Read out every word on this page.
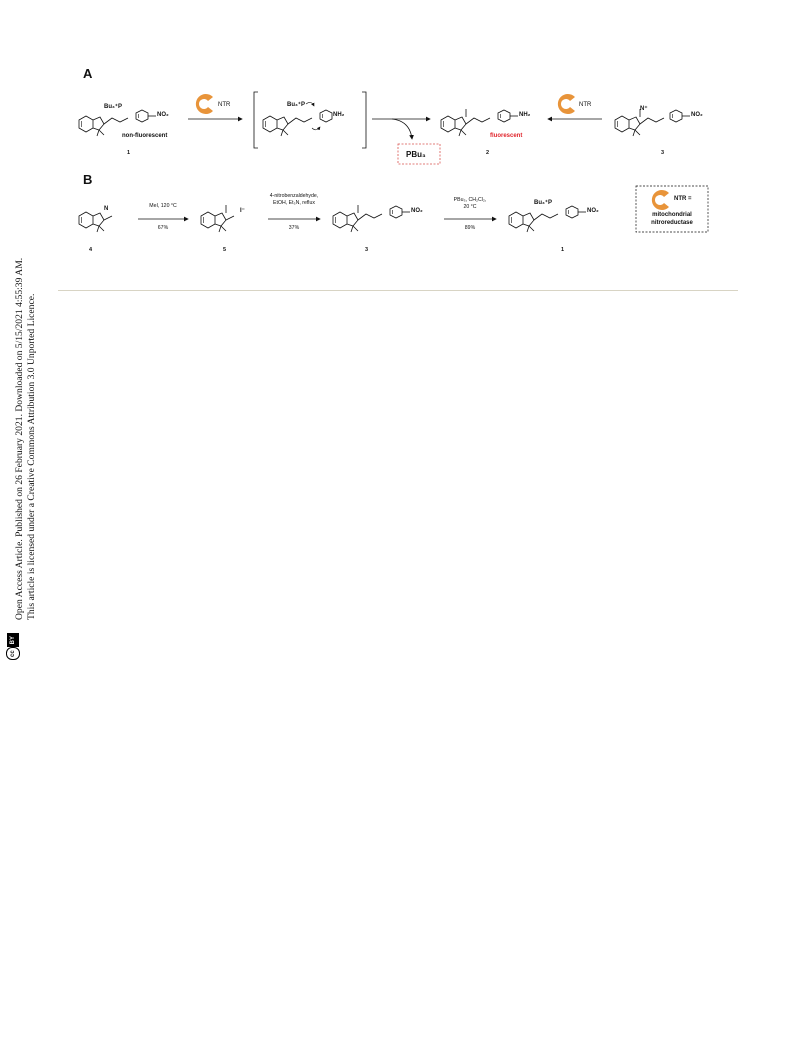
A
B
Bu₃⁺P
NO₂
non-fluorescent
1
NTR	Bu₃⁺P
NH₂
PBu₃
NH₂
fluorescent
2
NTR
N⁺
NO₂
3
N
4
MeI, 120 °C
67%
I⁻
5
4-nitrobenzaldehyde,
EtOH, Et₃N, reflux
37%
NO₂
3
PBu₃, CH₂Cl₂,
20 °C
89%
Bu₃⁺P
NO₂
1
NTR =
mitochondrial
nitroreductase
ccBY
Open Access Article. Published on 26 February 2021. Downloaded on 5/15/2021 4:55:39 AM. This article is licensed under a Creative Commons Attribution 3.0 Unported Licence.
